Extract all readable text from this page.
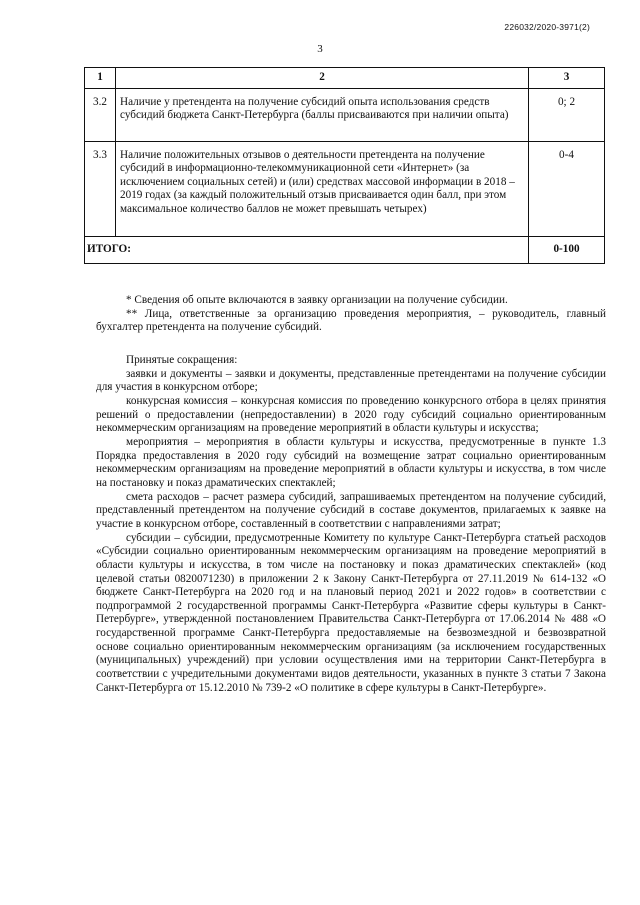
226032/2020-3971(2)
3
1	2	3

3.2	Наличие у претендента на получение субсидий опыта использования средств субсидий бюджета Санкт-Петербурга (баллы присваиваются при наличии опыта)	0; 2

3.3	Наличие положительных отзывов о деятельности претендента на получение субсидий в информационно-телекоммуникационной сети «Интернет» (за исключением социальных сетей) и (или) средствах массовой информации в 2018 – 2019 годах (за каждый положительный отзыв присваивается один балл, при этом максимальное количество баллов не может превышать четырех)	0-4

ИТОГО:		0-100

* Сведения об опыте включаются в заявку организации на получение субсидии.

** Лица, ответственные за организацию проведения мероприятия, – руководитель, главный бухгалтер претендента на получение субсидий.

Принятые сокращения:

заявки и документы – заявки и документы, представленные претендентами на получение субсидии для участия в конкурсном отборе;

конкурсная комиссия – конкурсная комиссия по проведению конкурсного отбора в целях принятия решений о предоставлении (непредоставлении) в 2020 году субсидий социально ориентированным некоммерческим организациям на проведение мероприятий в области культуры и искусства;

мероприятия – мероприятия в области культуры и искусства, предусмотренные в пункте 1.3 Порядка предоставления в 2020 году субсидий на возмещение затрат социально ориентированным некоммерческим организациям на проведение мероприятий в области культуры и искусства, в том числе на постановку и показ драматических спектаклей;

смета расходов – расчет размера субсидий, запрашиваемых претендентом на получение субсидий, представленный претендентом на получение субсидий в составе документов, прилагаемых к заявке на участие в конкурсном отборе, составленный в соответствии с направлениями затрат;

субсидии – субсидии, предусмотренные Комитету по культуре Санкт-Петербурга статьей расходов «Субсидии социально ориентированным некоммерческим организациям на проведение мероприятий в области культуры и искусства, в том числе на постановку и показ драматических спектаклей» (код целевой статьи 0820071230) в приложении 2 к Закону Санкт-Петербурга от 27.11.2019 № 614-132 «О бюджете Санкт-Петербурга на 2020 год и на плановый период 2021 и 2022 годов» в соответствии с подпрограммой 2 государственной программы Санкт-Петербурга «Развитие сферы культуры в Санкт-Петербурге», утвержденной постановлением Правительства Санкт-Петербурга от 17.06.2014 № 488 «О государственной программе Санкт-Петербурга предоставляемые на безвозмездной и безвозвратной основе социально ориентированным некоммерческим организациям (за исключением государственных (муниципальных) учреждений) при условии осуществления ими на территории Санкт-Петербурга в соответствии с учредительными документами видов деятельности, указанных в пункте 3 статьи 7 Закона Санкт-Петербурга от 15.12.2010 № 739-2 «О политике в сфере культуры в Санкт-Петербурге».
